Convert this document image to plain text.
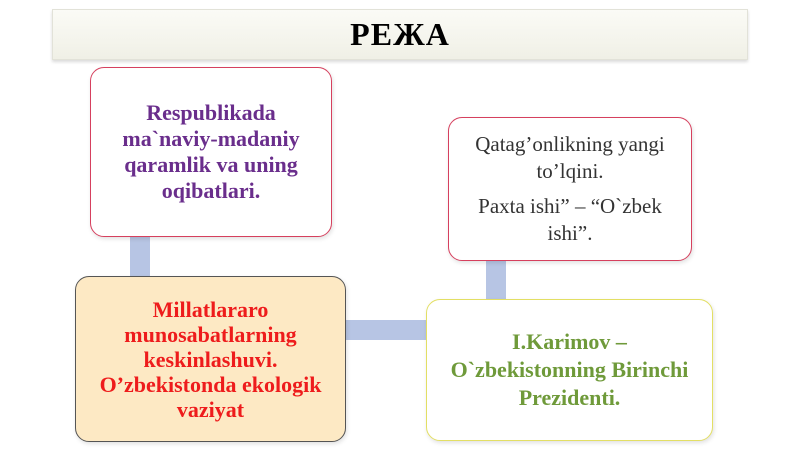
РЕЖА
Respublikada ma`naviy-madaniy qaramlik va uning oqibatlari.
Qatag’onlikning yangi to’lqini.
Paxta ishi” – “O`zbek ishi”.
Millatlararo munosabatlarning keskinlashuvi. O’zbekistonda ekologik vaziyat
I.Karimov – O`zbekistonning Birinchi Prezidenti.
